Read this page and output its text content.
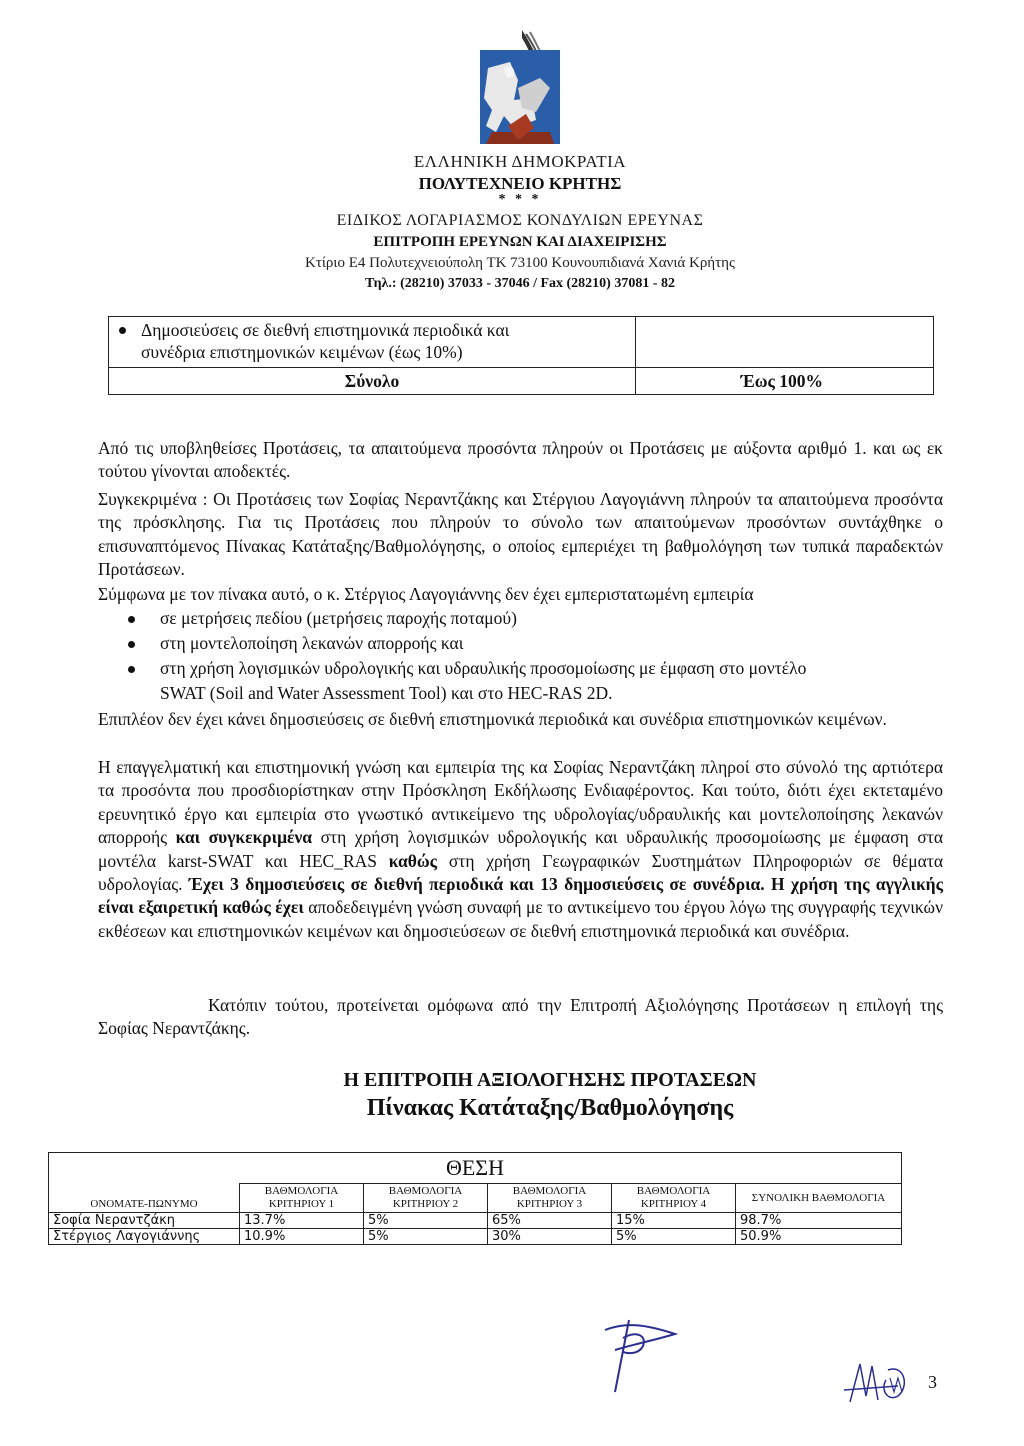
ΕΛΛΗΝΙΚΗ ΔΗΜΟΚΡΑΤΙΑ
ΠΟΛΥΤΕΧΝΕΙΟ ΚΡΗΤΗΣ
* * *
ΕΙΔΙΚΟΣ ΛΟΓΑΡΙΑΣΜΟΣ ΚΟΝΔΥΛΙΩΝ ΕΡΕΥΝΑΣ
ΕΠΙΤΡΟΠΗ ΕΡΕΥΝΩΝ ΚΑΙ ΔΙΑΧΕΙΡΙΣΗΣ
Κτίριο Ε4 Πολυτεχνειούπολη ΤΚ 73100 Κουνουπιδιανά Χανιά Κρήτης
Τηλ.: (28210) 37033 - 37046 / Fax (28210) 37081 - 82
Δημοσιεύσεις σε διεθνή επιστημονικά περιοδικά και
συνέδρια επιστημονικών κειμένων (έως 10%)	
Σύνολο	Έως 100%
Από τις υποβληθείσες Προτάσεις, τα απαιτούμενα προσόντα πληρούν οι Προτάσεις με αύξοντα αριθμό 1. και ως εκ τούτου γίνονται αποδεκτές.
Συγκεκριμένα : Οι Προτάσεις των Σοφίας Νεραντζάκης και Στέργιου Λαγογιάννη πληρούν τα απαιτούμενα προσόντα της πρόσκλησης. Για τις Προτάσεις που πληρούν το σύνολο των απαιτούμενων προσόντων συντάχθηκε ο επισυναπτόμενος Πίνακας Κατάταξης/Βαθμολόγησης, ο οποίος εμπεριέχει τη βαθμολόγηση των τυπικά παραδεκτών Προτάσεων.
Σύμφωνα με τον πίνακα αυτό, ο κ. Στέργιος Λαγογιάννης δεν έχει εμπεριστατωμένη εμπειρία
σε μετρήσεις πεδίου (μετρήσεις παροχής ποταμού)
στη μοντελοποίηση λεκανών απορροής και
στη χρήση λογισμικών υδρολογικής και υδραυλικής προσομοίωσης με έμφαση στο μοντέλο
SWAT (Soil and Water Assessment Tool) και στο HEC-RAS 2D.
Επιπλέον δεν έχει κάνει δημοσιεύσεις σε διεθνή επιστημονικά περιοδικά και συνέδρια επιστημονικών κειμένων.
Η επαγγελματική και επιστημονική γνώση και εμπειρία της κα Σοφίας Νεραντζάκη πληροί στο σύνολό της αρτιότερα τα προσόντα που προσδιορίστηκαν στην Πρόσκληση Εκδήλωσης Ενδιαφέροντος. Και τούτο, διότι έχει εκτεταμένο ερευνητικό έργο και εμπειρία στο γνωστικό αντικείμενο της υδρολογίας/υδραυλικής και μοντελοποίησης λεκανών απορροής και συγκεκριμένα στη χρήση λογισμικών υδρολογικής και υδραυλικής προσομοίωσης με έμφαση στα μοντέλα karst-SWAT και HEC_RAS καθώς στη χρήση Γεωγραφικών Συστημάτων Πληροφοριών σε θέματα υδρολογίας. Έχει 3 δημοσιεύσεις σε διεθνή περιοδικά και 13 δημοσιεύσεις σε συνέδρια. Η χρήση της αγγλικής είναι εξαιρετική καθώς έχει αποδεδειγμένη γνώση συναφή με το αντικείμενο του έργου λόγω της συγγραφής τεχνικών εκθέσεων και επιστημονικών κειμένων και δημοσιεύσεων σε διεθνή επιστημονικά περιοδικά και συνέδρια.
Κατόπιν τούτου, προτείνεται ομόφωνα από την Επιτροπή Αξιολόγησης Προτάσεων η επιλογή της Σοφίας Νεραντζάκης.
Η ΕΠΙΤΡΟΠΗ ΑΞΙΟΛΟΓΗΣΗΣ ΠΡΟΤΑΣΕΩΝ
Πίνακας Κατάταξης/Βαθμολόγησης
ΘΕΣΗ					
ΟΝΟΜΑΤΕ-ΠΩΝΥΜΟ	ΒΑΘΜΟΛΟΓΙΑ ΚΡΙΤΗΡΙΟΥ 1	ΒΑΘΜΟΛΟΓΙΑ ΚΡΙΤΗΡΙΟΥ 2	ΒΑΘΜΟΛΟΓΙΑ ΚΡΙΤΗΡΙΟΥ 3	ΒΑΘΜΟΛΟΓΙΑ ΚΡΙΤΗΡΙΟΥ 4	ΣΥΝΟΛΙΚΗ ΒΑΘΜΟΛΟΓΙΑ
Σοφία Νεραντζάκη	13.7%	5%	65%	15%	98.7%
Στέργιος Λαγογιάννης	10.9%	5%	30%	5%	50.9%
3
